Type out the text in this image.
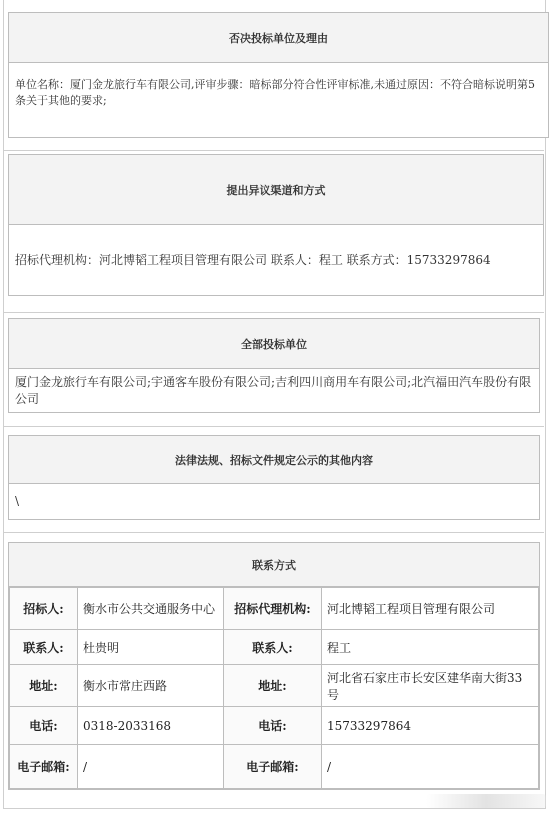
否决投标单位及理由
单位名称：厦门金龙旅行车有限公司,评审步骤：暗标部分符合性评审标准,未通过原因：不符合暗标说明第5条关于其他的要求;
提出异议渠道和方式
招标代理机构：河北博韬工程项目管理有限公司 联系人：程工 联系方式：15733297864
全部投标单位
厦门金龙旅行车有限公司;宇通客车股份有限公司;吉利四川商用车有限公司;北汽福田汽车股份有限公司
法律法规、招标文件规定公示的其他内容
\
联系方式
招标人:	衡水市公共交通服务中心	招标代理机构:	河北博韬工程项目管理有限公司
联系人:	杜贵明	联系人:	程工
地址:	衡水市常庄西路	地址:	河北省石家庄市长安区建华南大街33号
电话:	0318-2033168	电话:	15733297864
电子邮箱:	/	电子邮箱:	/
